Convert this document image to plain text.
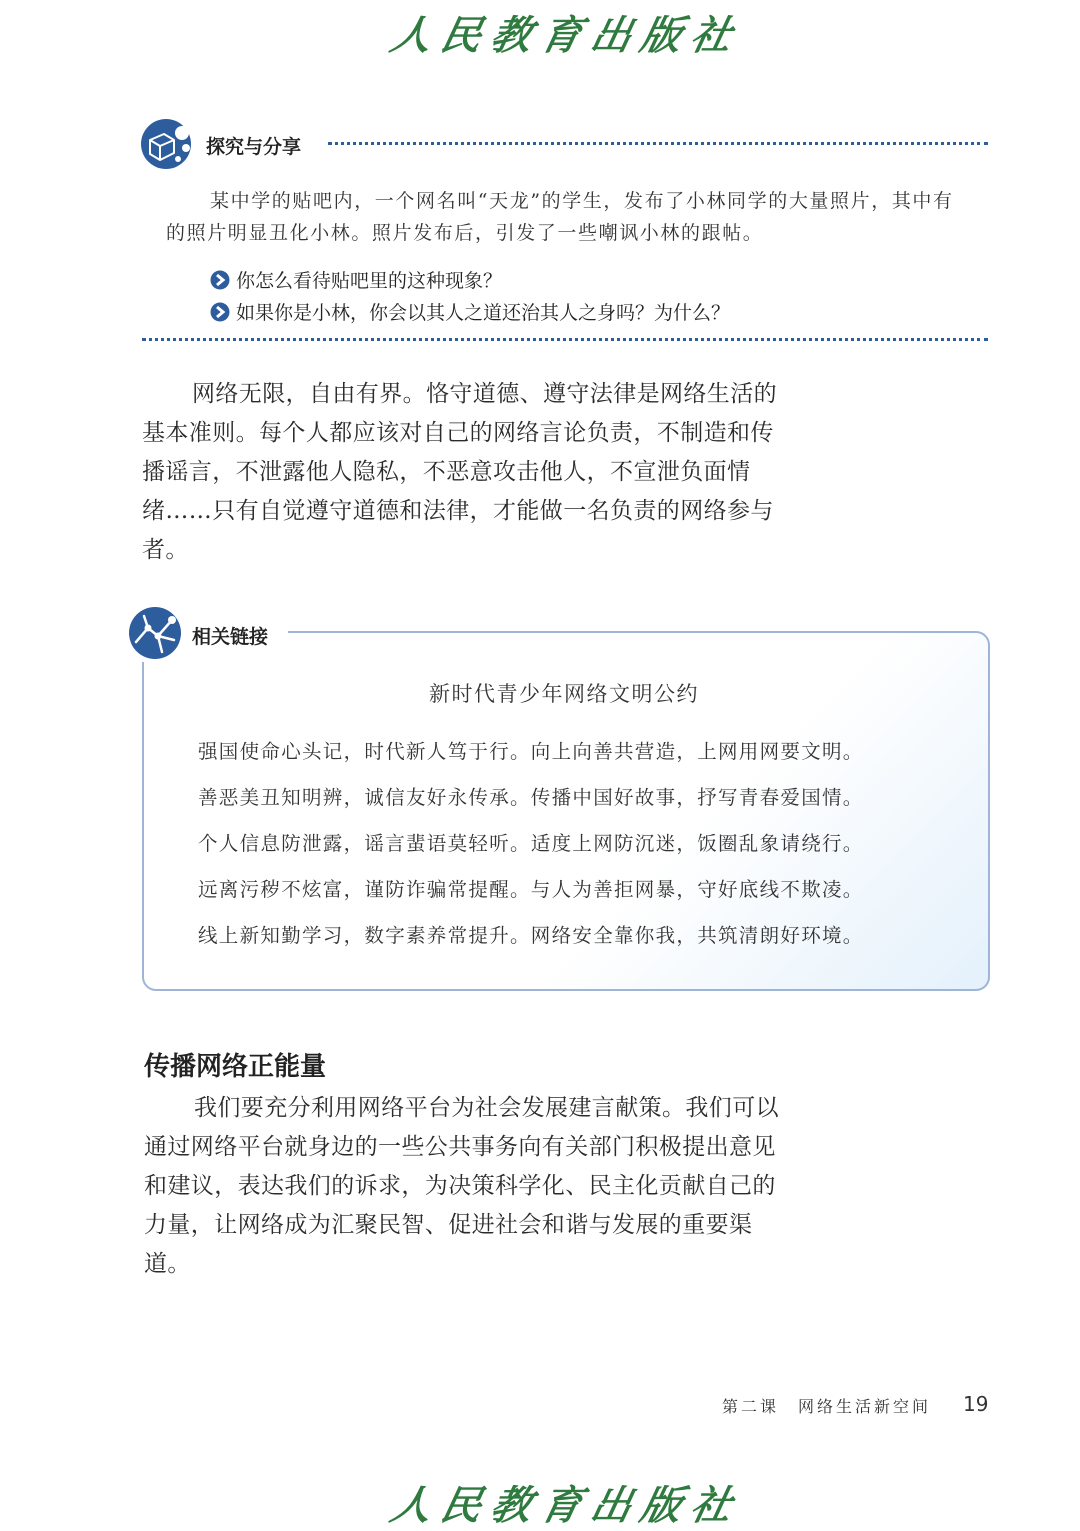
人民教育出版社
探究与分享
某中学的贴吧内，一个网名叫“天龙”的学生，发布了小林同学的大量照片，其中有的照片明显丑化小林。照片发布后，引发了一些嘲讽小林的跟帖。
你怎么看待贴吧里的这种现象？
如果你是小林，你会以其人之道还治其人之身吗？为什么？
网络无限，自由有界。恪守道德、遵守法律是网络生活的基本准则。每个人都应该对自己的网络言论负责，不制造和传播谣言，不泄露他人隐私，不恶意攻击他人，不宣泄负面情绪……只有自觉遵守道德和法律，才能做一名负责的网络参与者。
相关链接
新时代青少年网络文明公约
强国使命心头记，时代新人笃于行。向上向善共营造，上网用网要文明。
善恶美丑知明辨，诚信友好永传承。传播中国好故事，抒写青春爱国情。
个人信息防泄露，谣言蜚语莫轻听。适度上网防沉迷，饭圈乱象请绕行。
远离污秽不炫富，谨防诈骗常提醒。与人为善拒网暴，守好底线不欺凌。
线上新知勤学习，数字素养常提升。网络安全靠你我，共筑清朗好环境。
传播网络正能量
我们要充分利用网络平台为社会发展建言献策。我们可以通过网络平台就身边的一些公共事务向有关部门积极提出意见和建议，表达我们的诉求，为决策科学化、民主化贡献自己的力量，让网络成为汇聚民智、促进社会和谐与发展的重要渠道。
第二课　网络生活新空间 19
人民教育出版社
